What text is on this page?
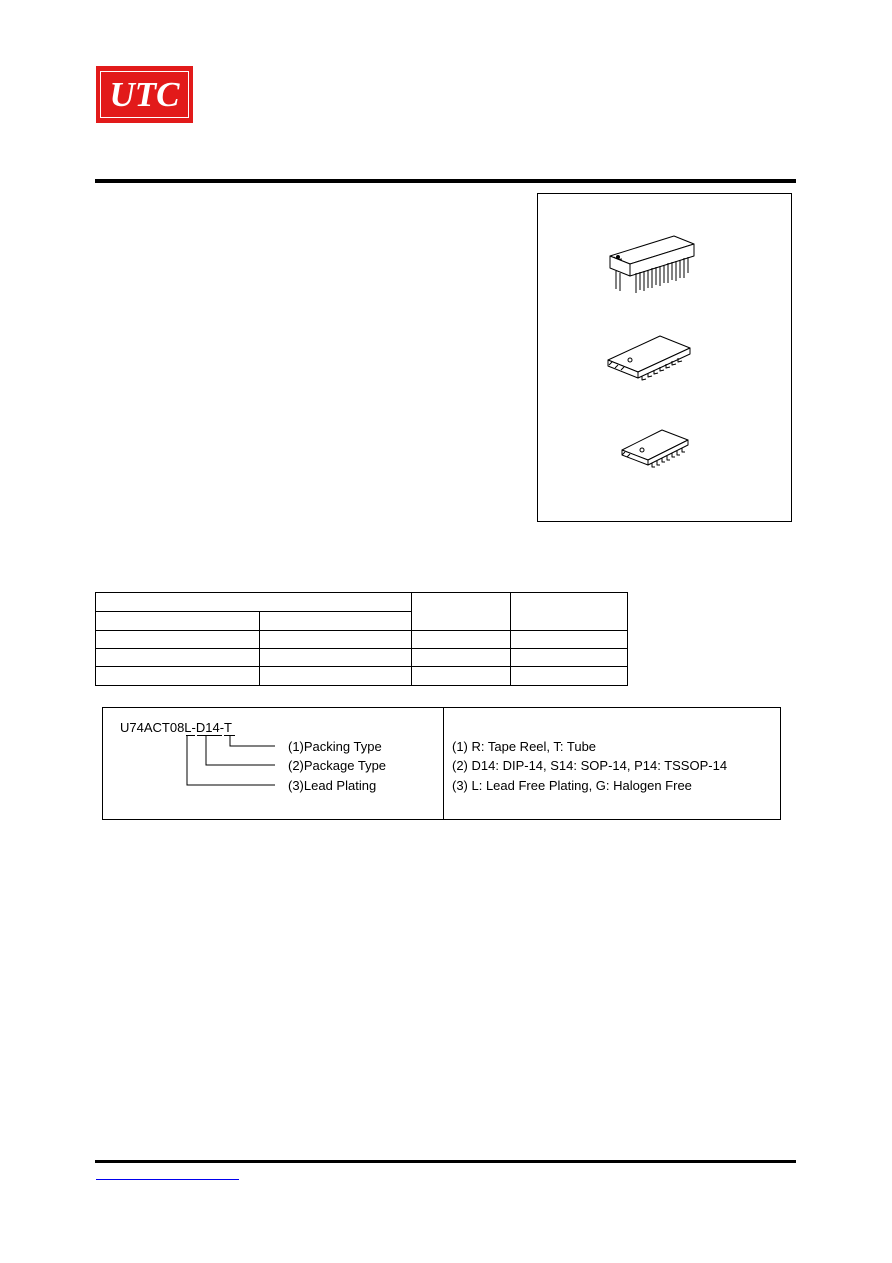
UTC
U74ACT08L-D14-T
(1)Packing Type
(2)Package Type
(3)Lead Plating
(1) R: Tape Reel, T: Tube
(2) D14: DIP-14, S14: SOP-14, P14: TSSOP-14
(3) L: Lead Free Plating, G: Halogen Free
